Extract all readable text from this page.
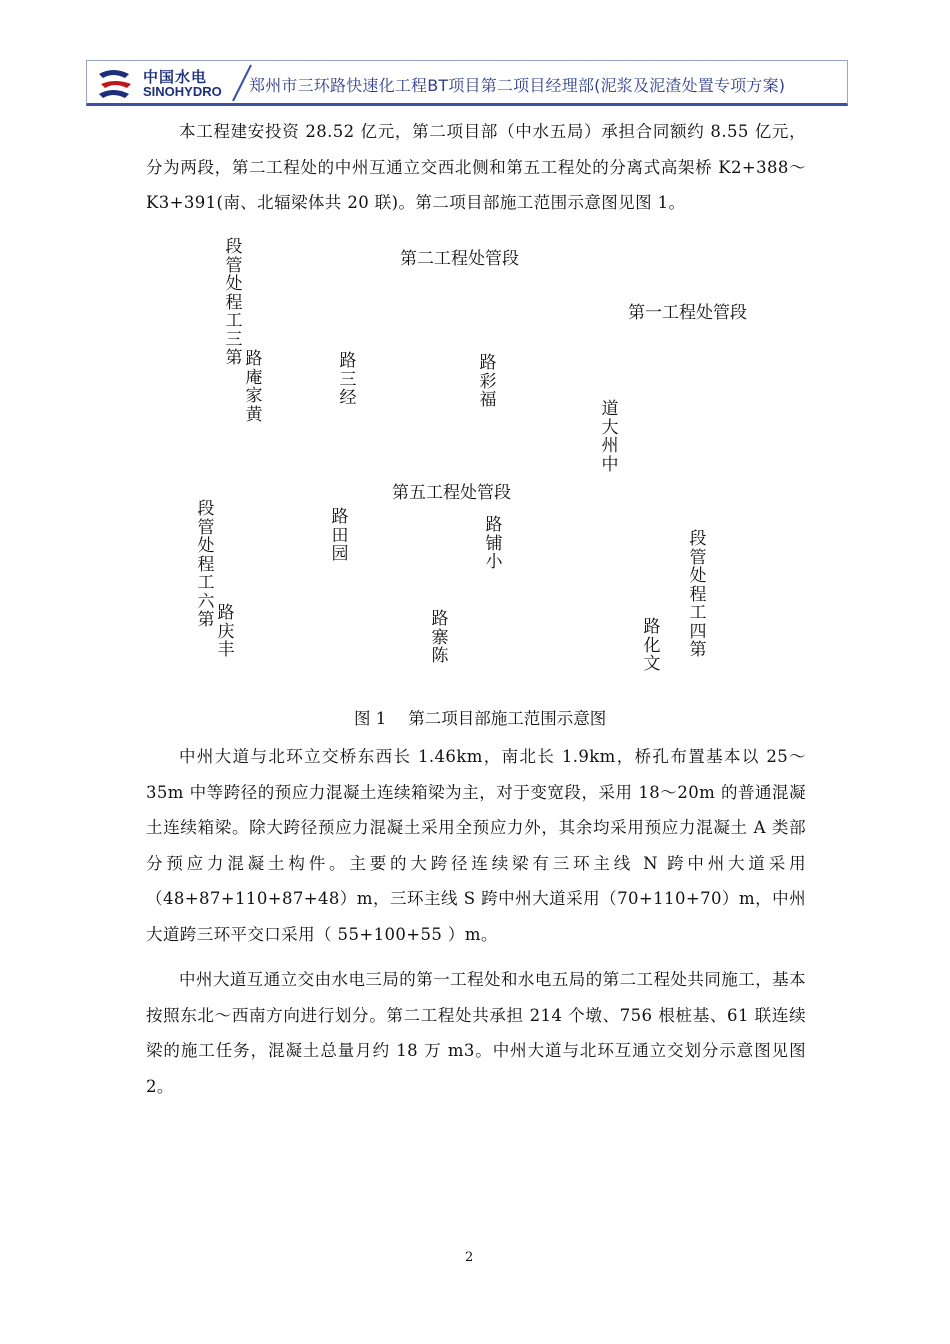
中国水电
SINOHYDRO 郑州市三环路快速化工程BT项目第二项目经理部(泥浆及泥渣处置专项方案)

本工程建安投资 28.52 亿元，第二项目部（中水五局）承担合同额约 8.55 亿元，分为两段，第二工程处的中州互通立交西北侧和第五工程处的分离式高架桥 K2+388～K3+391(南、北辐梁体共 20 联)。第二项目部施工范围示意图见图 1。

第二工程处管段
第一工程处管段
第五工程处管段
段管处程工三第 路庵家黄
路三经
路彩福	道大州中
段管处程工六第 路庆丰
路田园
路铺小
路寨陈
路化文
段管处程工四第
图 1 第二项目部施工范围示意图

中州大道与北环立交桥东西长 1.46km，南北长 1.9km，桥孔布置基本以 25～35m 中等跨径的预应力混凝土连续箱梁为主，对于变宽段，采用 18～20m 的普通混凝土连续箱梁。除大跨径预应力混凝土采用全预应力外，其余均采用预应力混凝土 A 类部分预应力混凝土构件。主要的大跨径连续梁有三环主线 N 跨中州大道采用（48+87+110+87+48）m，三环主线 S 跨中州大道采用（70+110+70）m，中州大道跨三环平交口采用（ 55+100+55 ）m。

中州大道互通立交由水电三局的第一工程处和水电五局的第二工程处共同施工，基本按照东北～西南方向进行划分。第二工程处共承担 214 个墩、756 根桩基、61 联连续梁的施工任务，混凝土总量月约 18 万 m3。中州大道与北环互通立交划分示意图见图 2。

2
